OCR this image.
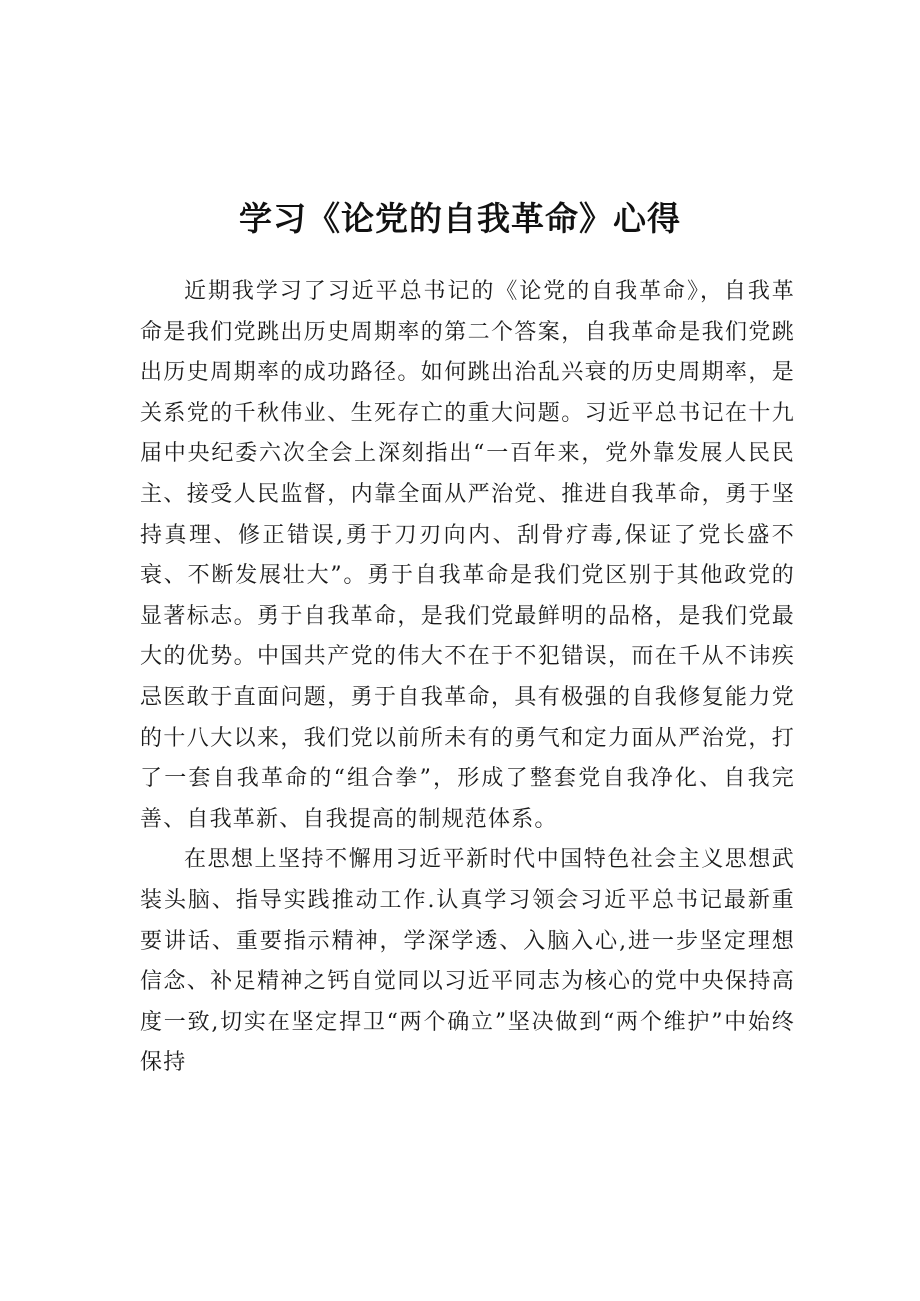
学习《论党的自我革命》心得

近期我学习了习近平总书记的《论党的自我革命》，自我革命是我们党跳出历史周期率的第二个答案，自我革命是我们党跳出历史周期率的成功路径。如何跳出治乱兴衰的历史周期率，是关系党的千秋伟业、生死存亡的重大问题。习近平总书记在十九届中央纪委六次全会上深刻指出“一百年来，党外靠发展人民民主、接受人民监督，内靠全面从严治党、推进自我革命，勇于坚持真理、修正错误,勇于刀刃向内、刮骨疗毒,保证了党长盛不衰、不断发展壮大”。勇于自我革命是我们党区别于其他政党的显著标志。勇于自我革命，是我们党最鲜明的品格，是我们党最大的优势。中国共产党的伟大不在于不犯错误，而在千从不讳疾忌医敢于直面问题，勇于自我革命，具有极强的自我修复能力党的十八大以来，我们党以前所未有的勇气和定力面从严治党，打了一套自我革命的“组合拳”，形成了整套党自我净化、自我完善、自我革新、自我提高的制规范体系。

在思想上坚持不懈用习近平新时代中国特色社会主义思想武装头脑、指导实践推动工作.认真学习领会习近平总书记最新重要讲话、重要指示精神，学深学透、入脑入心,进一步坚定理想信念、补足精神之钙自觉同以习近平同志为核心的党中央保持高度一致,切实在坚定捍卫“两个确立”坚决做到“两个维护”中始终保持
